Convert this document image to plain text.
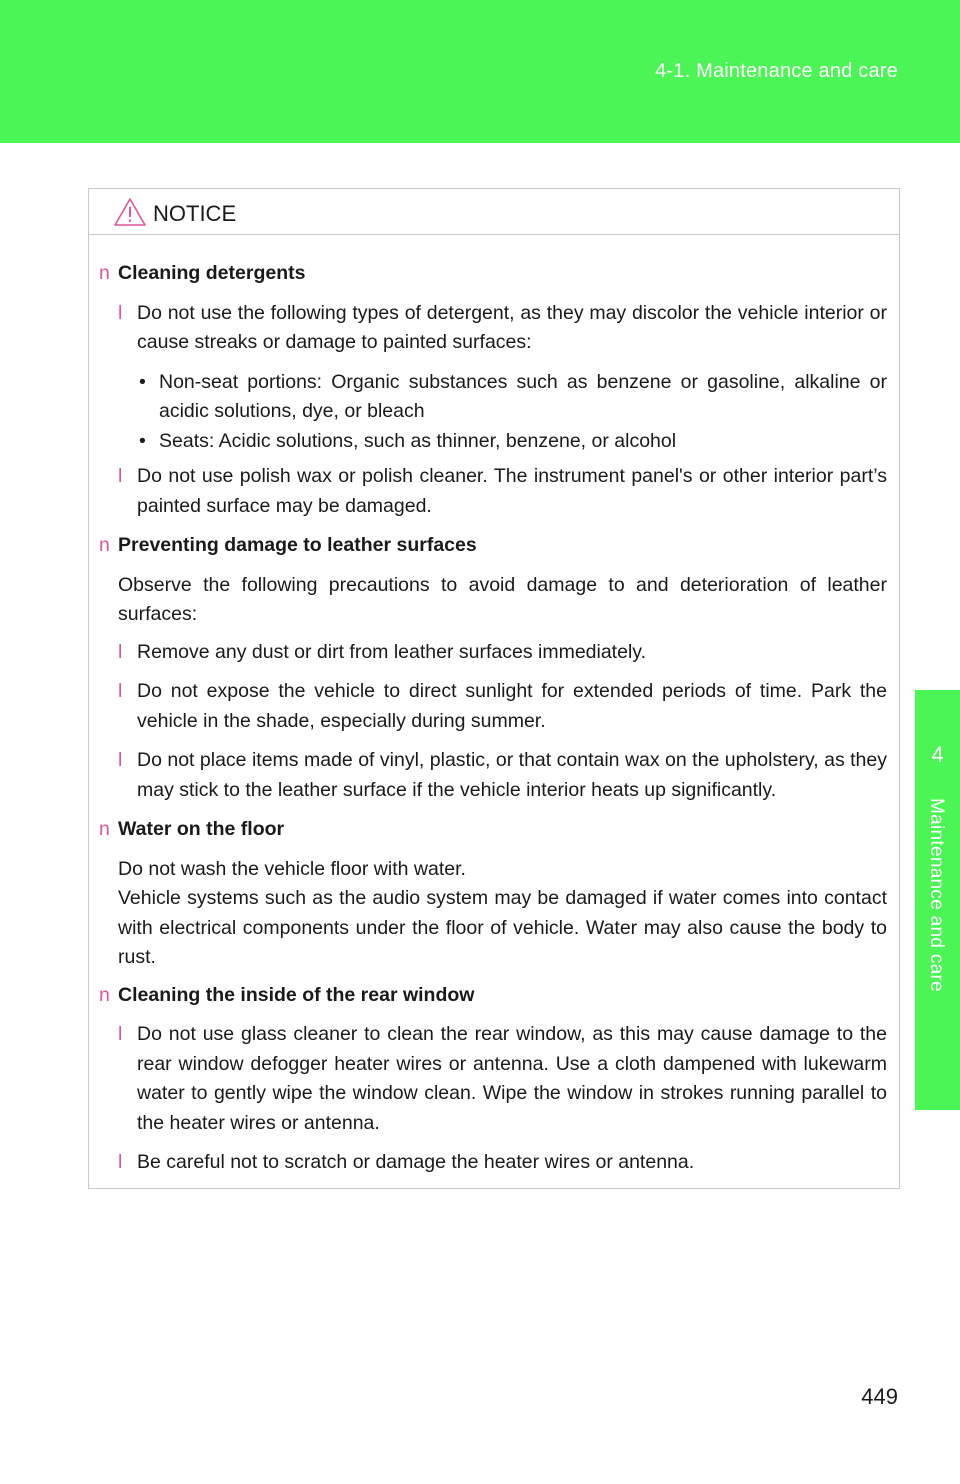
4-1. Maintenance and care
4
Maintenance and care
NOTICE
n Cleaning detergents
l Do not use the following types of detergent, as they may discolor the vehicle interior or cause streaks or damage to painted surfaces:
• Non-seat portions: Organic substances such as benzene or gasoline, alkaline or acidic solutions, dye, or bleach
• Seats: Acidic solutions, such as thinner, benzene, or alcohol
l Do not use polish wax or polish cleaner. The instrument panel's or other interior part’s painted surface may be damaged.
n Preventing damage to leather surfaces
Observe the following precautions to avoid damage to and deterioration of leather surfaces:
l Remove any dust or dirt from leather surfaces immediately.
l Do not expose the vehicle to direct sunlight for extended periods of time. Park the vehicle in the shade, especially during summer.
l Do not place items made of vinyl, plastic, or that contain wax on the upholstery, as they may stick to the leather surface if the vehicle interior heats up significantly.
n Water on the floor
Do not wash the vehicle floor with water.
Vehicle systems such as the audio system may be damaged if water comes into contact with electrical components under the floor of vehicle. Water may also cause the body to rust.
n Cleaning the inside of the rear window
l Do not use glass cleaner to clean the rear window, as this may cause damage to the rear window defogger heater wires or antenna. Use a cloth dampened with lukewarm water to gently wipe the window clean. Wipe the window in strokes running parallel to the heater wires or antenna.
l Be careful not to scratch or damage the heater wires or antenna.
449
